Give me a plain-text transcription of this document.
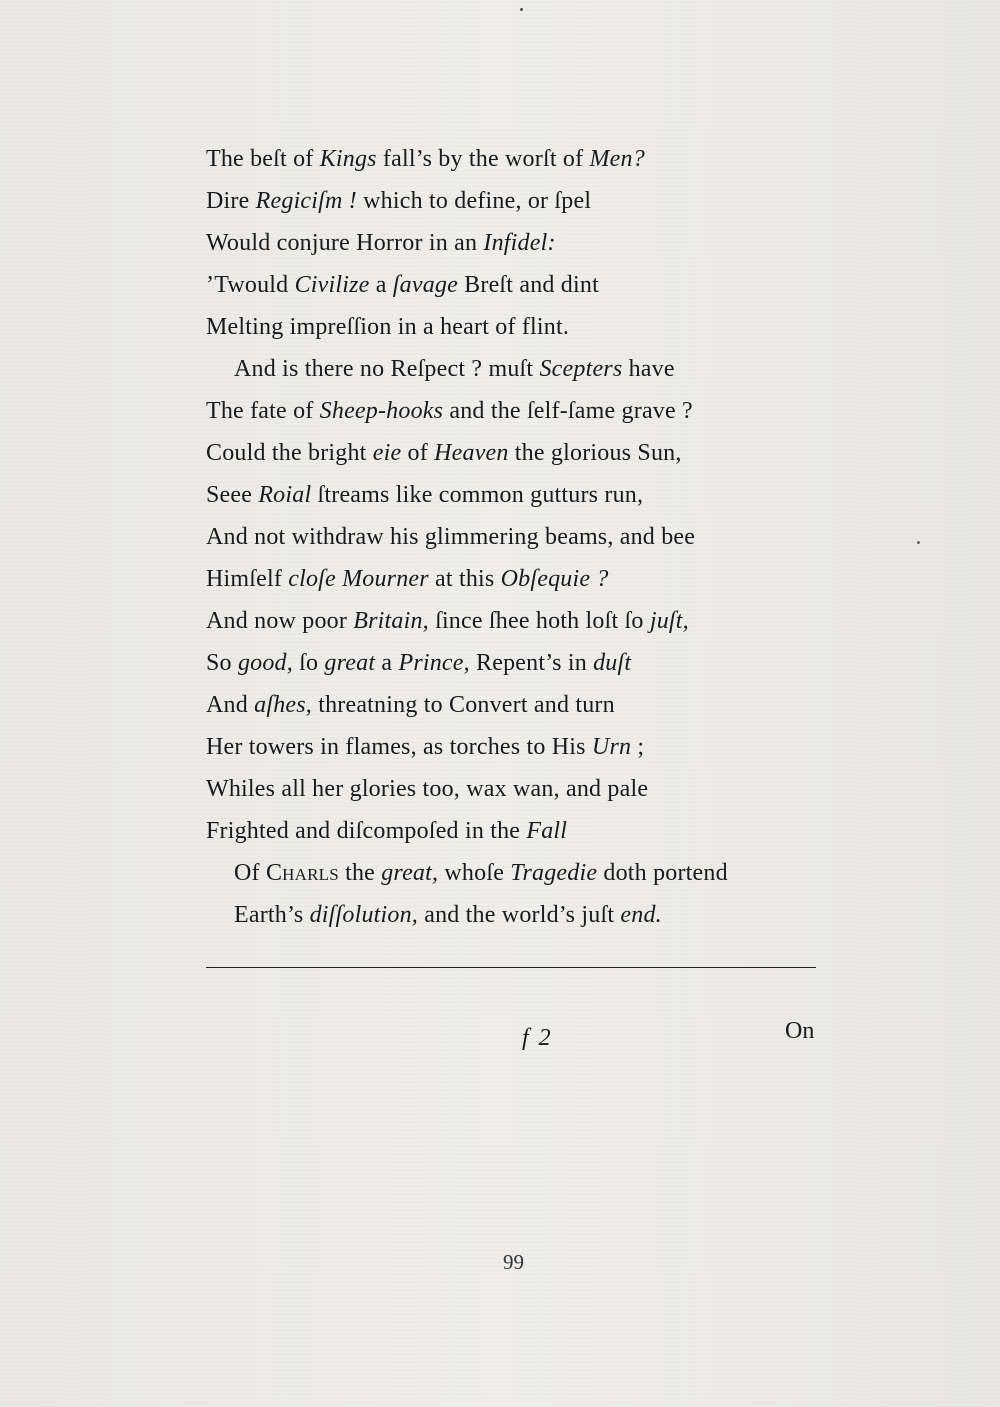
The beſt of Kings fall’s by the worſt of Men?
Dire Regiciſm ! which to define, or ſpel
Would conjure Horror in an Infidel:
’Twould Civilize a ſavage Breſt and dint
Melting impreſſion in a heart of flint.
And is there no Reſpect ? muſt Scepters have
The fate of Sheep-hooks and the ſelf-ſame grave ?
Could the bright eie of Heaven the glorious Sun,
Seee Roial ſtreams like common gutturs run,
And not withdraw his glimmering beams, and bee
Himſelf cloſe Mourner at this Obſequie ?
And now poor Britain, ſince ſhee hoth loſt ſo juſt,
So good, ſo great a Prince, Repent’s in duſt
And aſhes, threatning to Convert and turn
Her towers in flames, as torches to His Urn ;
Whiles all her glories too, wax wan, and pale
Frighted and diſcompoſed in the Fall
Of Charls the great, whoſe Tragedie doth portend
Earth’s diſſolution, and the world’s juſt end.
f 2	On
99
